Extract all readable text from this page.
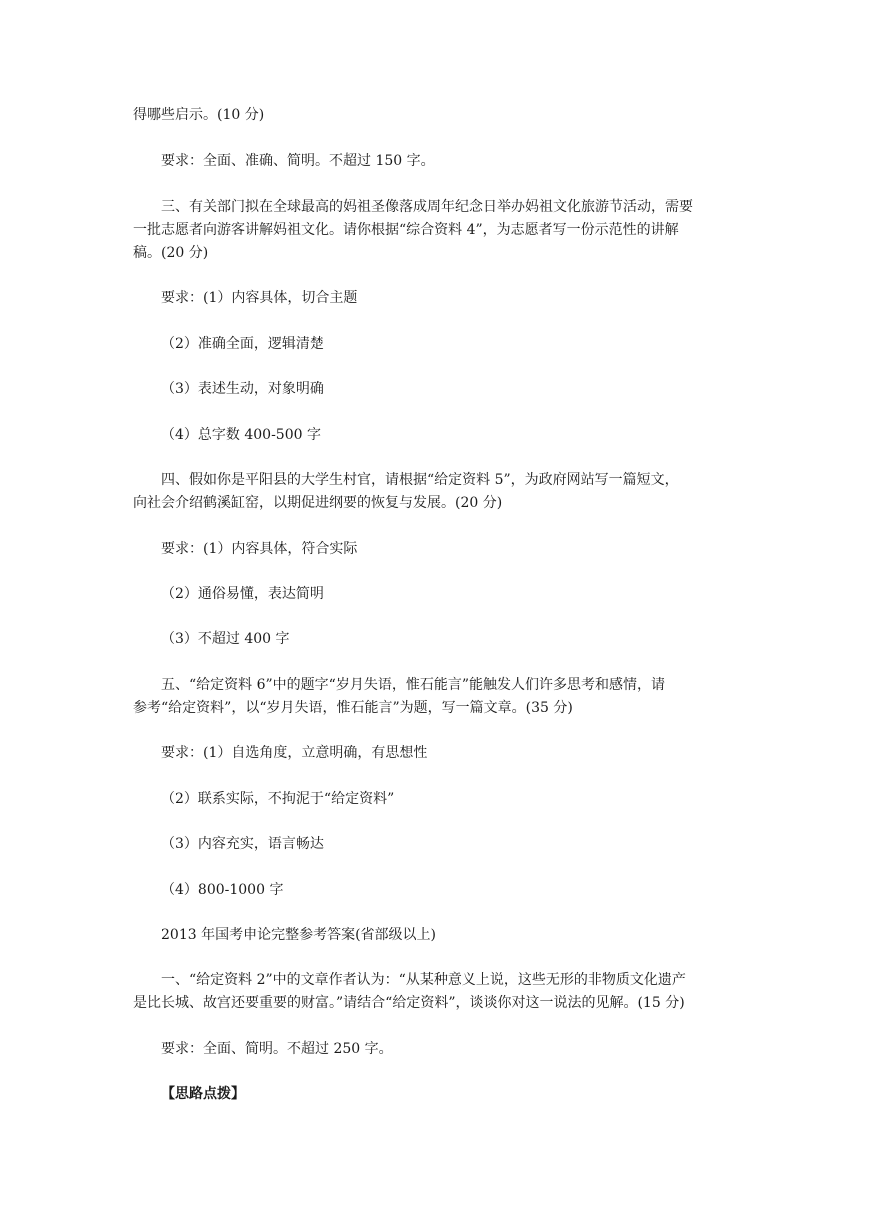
得哪些启示。(10 分)
要求：全面、准确、简明。不超过 150 字。
三、有关部门拟在全球最高的妈祖圣像落成周年纪念日举办妈祖文化旅游节活动，需要
一批志愿者向游客讲解妈祖文化。请你根据“综合资料 4”，为志愿者写一份示范性的讲解
稿。(20 分)
要求：(1）内容具体，切合主题
（2）准确全面，逻辑清楚
（3）表述生动，对象明确
（4）总字数 400-500 字
四、假如你是平阳县的大学生村官，请根据“给定资料 5”，为政府网站写一篇短文，
向社会介绍鹤溪缸窑，以期促进纲要的恢复与发展。(20 分)
要求：(1）内容具体，符合实际
（2）通俗易懂，表达简明
（3）不超过 400 字
五、“给定资料 6”中的题字“岁月失语，惟石能言”能触发人们许多思考和感情，请
参考“给定资料”，以“岁月失语，惟石能言”为题，写一篇文章。(35 分)
要求：(1）自选角度，立意明确，有思想性
（2）联系实际，不拘泥于“给定资料”
（3）内容充实，语言畅达
（4）800-1000 字
2013 年国考申论完整参考答案(省部级以上)
一、“给定资料 2”中的文章作者认为：“从某种意义上说，这些无形的非物质文化遗产
是比长城、故宫还要重要的财富。”请结合“给定资料”，谈谈你对这一说法的见解。(15 分)
要求：全面、简明。不超过 250 字。
【思路点拨】
